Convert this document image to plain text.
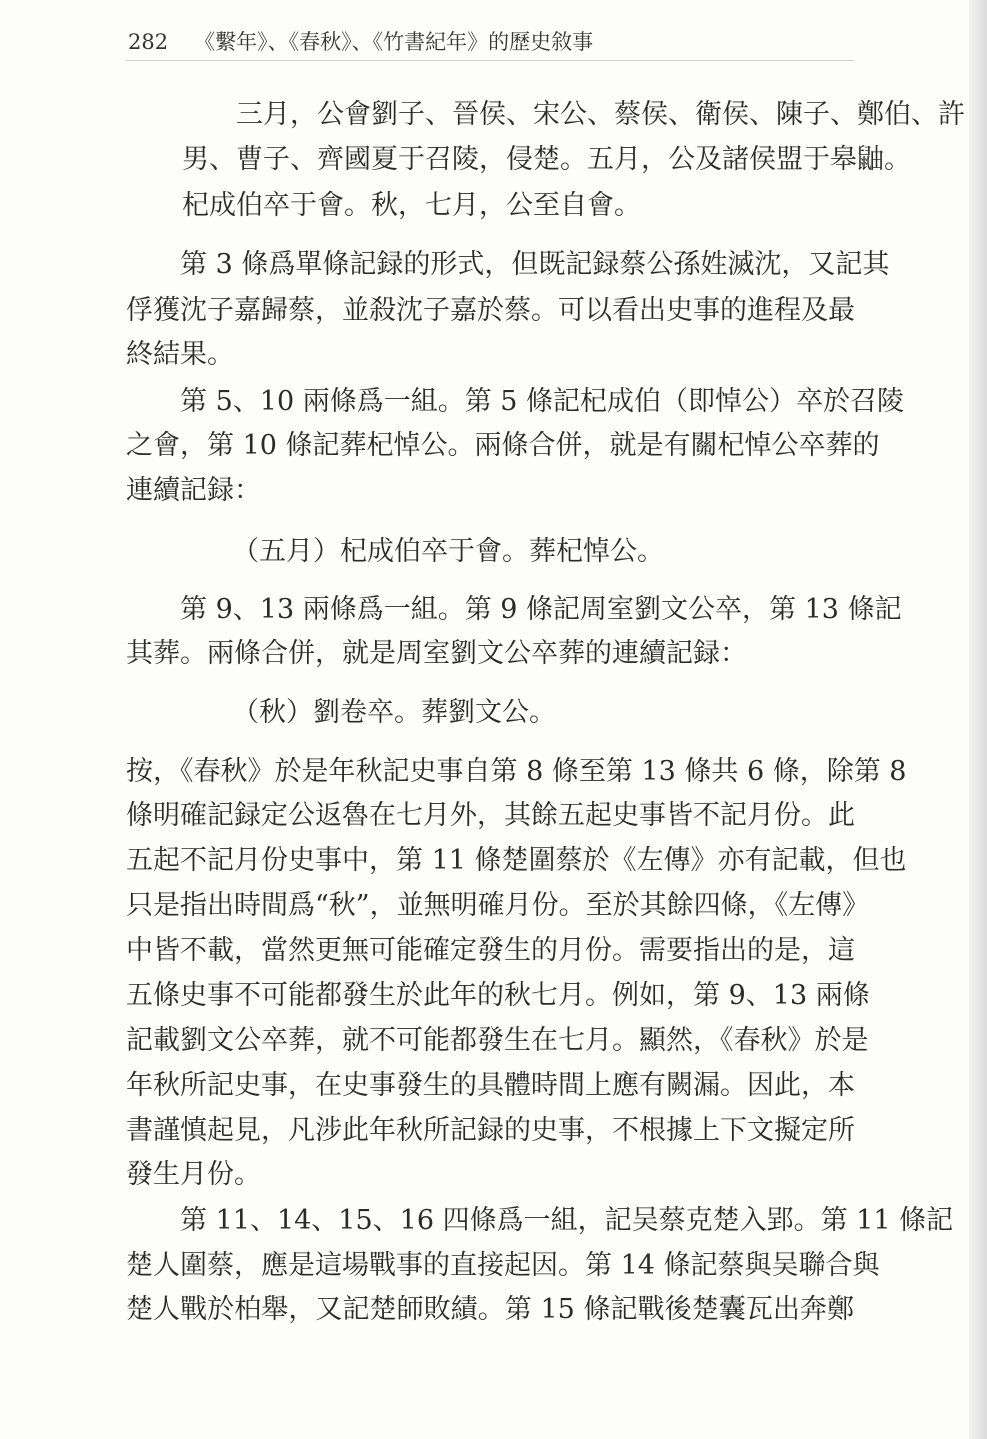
282 《繫年》、《春秋》、《竹書紀年》的歷史敘事
三月，公會劉子、晉侯、宋公、蔡侯、衛侯、陳子、鄭伯、許
男、曹子、齊國夏于召陵，侵楚。五月，公及諸侯盟于皋鼬。
杞成伯卒于會。秋，七月，公至自會。
第 3 條爲單條記録的形式，但既記録蔡公孫姓滅沈，又記其
俘獲沈子嘉歸蔡，並殺沈子嘉於蔡。可以看出史事的進程及最
終結果。
第 5、10 兩條爲一組。第 5 條記杞成伯（即悼公）卒於召陵
之會，第 10 條記葬杞悼公。兩條合併，就是有關杞悼公卒葬的
連續記録：
（五月）杞成伯卒于會。葬杞悼公。
第 9、13 兩條爲一組。第 9 條記周室劉文公卒，第 13 條記
其葬。兩條合併，就是周室劉文公卒葬的連續記録：
（秋）劉卷卒。葬劉文公。
按，《春秋》於是年秋記史事自第 8 條至第 13 條共 6 條，除第 8
條明確記録定公返魯在七月外，其餘五起史事皆不記月份。此
五起不記月份史事中，第 11 條楚圍蔡於《左傳》亦有記載，但也
只是指出時間爲“秋”，並無明確月份。至於其餘四條，《左傳》
中皆不載，當然更無可能確定發生的月份。需要指出的是，這
五條史事不可能都發生於此年的秋七月。例如，第 9、13 兩條
記載劉文公卒葬，就不可能都發生在七月。顯然，《春秋》於是
年秋所記史事，在史事發生的具體時間上應有闕漏。因此，本
書謹慎起見，凡涉此年秋所記録的史事，不根據上下文擬定所
發生月份。
第 11、14、15、16 四條爲一組，記吴蔡克楚入郢。第 11 條記
楚人圍蔡，應是這場戰事的直接起因。第 14 條記蔡與吴聯合與
楚人戰於柏舉，又記楚師敗績。第 15 條記戰後楚囊瓦出奔鄭
